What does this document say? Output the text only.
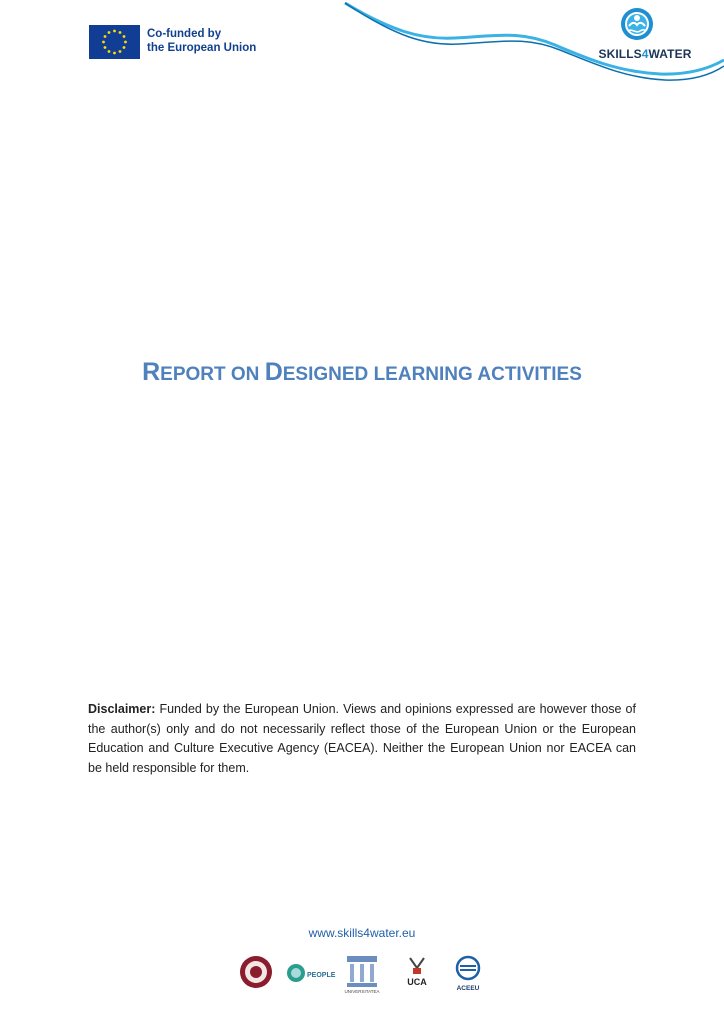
Co-funded by
the European Union	SKILLS4WATER
REPORT ON DESIGNED LEARNING ACTIVITIES

Disclaimer: Funded by the European Union. Views and opinions expressed are however those of the author(s) only and do not necessarily reflect those of the European Union or the European Education and Culture Executive Agency (EACEA). Neither the European Union nor EACEA can be held responsible for them.

www.skills4water.eu
PEOPLE
UNIVERSITATEA
UCA
ACEEU
